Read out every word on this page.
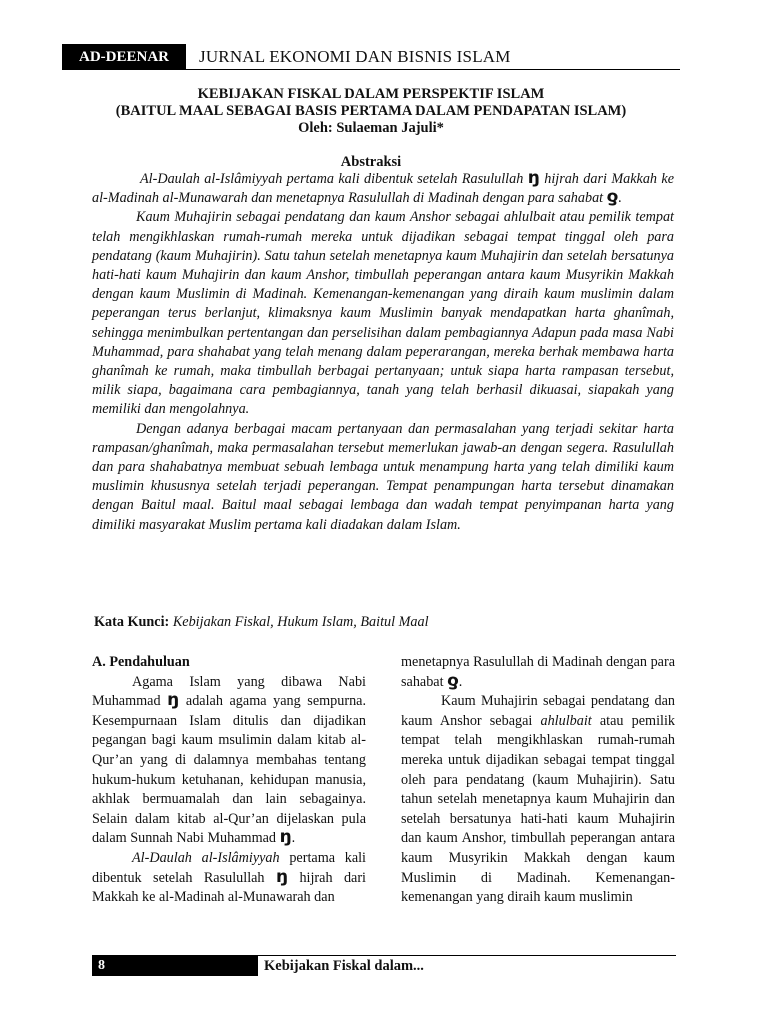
AD-DEENAR	JURNAL EKONOMI DAN BISNIS ISLAM
KEBIJAKAN FISKAL DALAM PERSPEKTIF ISLAM
(BAITUL MAAL SEBAGAI BASIS PERTAMA DALAM PENDAPATAN ISLAM)
Oleh: Sulaeman Jajuli*
Abstraksi

Al-Daulah al-Islâmiyyah pertama kali dibentuk setelah Rasulullah ŋ hijrah dari Makkah ke al-Madinah al-Munawarah dan menetapnya Rasulullah di Madinah dengan para sahabat ƍ.

Kaum Muhajirin sebagai pendatang dan kaum Anshor sebagai ahlulbait atau pemilik tempat telah mengikhlaskan rumah-rumah mereka untuk dijadikan sebagai tempat tinggal oleh para pendatang (kaum Muhajirin). Satu tahun setelah menetapnya kaum Muhajirin dan setelah bersatunya hati-hati kaum Muhajirin dan kaum Anshor, timbullah peperangan antara kaum Musyrikin Makkah dengan kaum Muslimin di Madinah. Kemenangan-kemenangan yang diraih kaum muslimin dalam peperangan terus berlanjut, klimaksnya kaum Muslimin banyak mendapatkan harta ghanîmah, sehingga menimbulkan pertentangan dan perselisihan dalam pembagiannya Adapun pada masa Nabi Muhammad, para shahabat yang telah menang dalam peperarangan, mereka berhak membawa harta ghanîmah ke rumah, maka timbullah berbagai pertanyaan; untuk siapa harta rampasan tersebut, milik siapa, bagaimana cara pembagiannya, tanah yang telah berhasil dikuasai, siapakah yang memiliki dan mengolahnya.

Dengan adanya berbagai macam pertanyaan dan permasalahan yang terjadi sekitar harta rampasan/ghanîmah, maka permasalahan tersebut memerlukan jawab-an dengan segera. Rasulullah dan para shahabatnya membuat sebuah lembaga untuk menampung harta yang telah dimiliki kaum muslimin khususnya setelah terjadi peperangan. Tempat penampungan harta tersebut dinamakan dengan Baitul maal. Baitul maal sebagai lembaga dan wadah tempat penyimpanan harta yang dimiliki masyarakat Muslim pertama kali diadakan dalam Islam.

Kata Kunci: Kebijakan Fiskal, Hukum Islam, Baitul Maal

A. Pendahuluan

Agama Islam yang dibawa Nabi Muhammad ŋ adalah agama yang sempurna. Kesempurnaan Islam ditulis dan dijadikan pegangan bagi kaum msulimin dalam kitab al-Qur’an yang di dalamnya membahas tentang hukum-hukum ketuhanan, kehidupan manusia, akhlak bermuamalah dan lain sebagainya. Selain dalam kitab al-Qur’an dijelaskan pula dalam Sunnah Nabi Muhammad ŋ.

Al-Daulah al-Islâmiyyah pertama kali dibentuk setelah Rasulullah ŋ hijrah dari Makkah ke al-Madinah al-Munawarah dan

menetapnya Rasulullah di Madinah dengan para sahabat ƍ.

Kaum Muhajirin sebagai pendatang dan kaum Anshor sebagai ahlulbait atau pemilik tempat telah mengikhlaskan rumah-rumah mereka untuk dijadikan sebagai tempat tinggal oleh para pendatang (kaum Muhajirin). Satu tahun setelah menetapnya kaum Muhajirin dan setelah bersatunya hati-hati kaum Muhajirin dan kaum Anshor, timbullah peperangan antara kaum Musyrikin Makkah dengan kaum Muslimin di Madinah. Kemenangan-kemenangan yang diraih kaum muslimin

8	Kebijakan Fiskal dalam...
